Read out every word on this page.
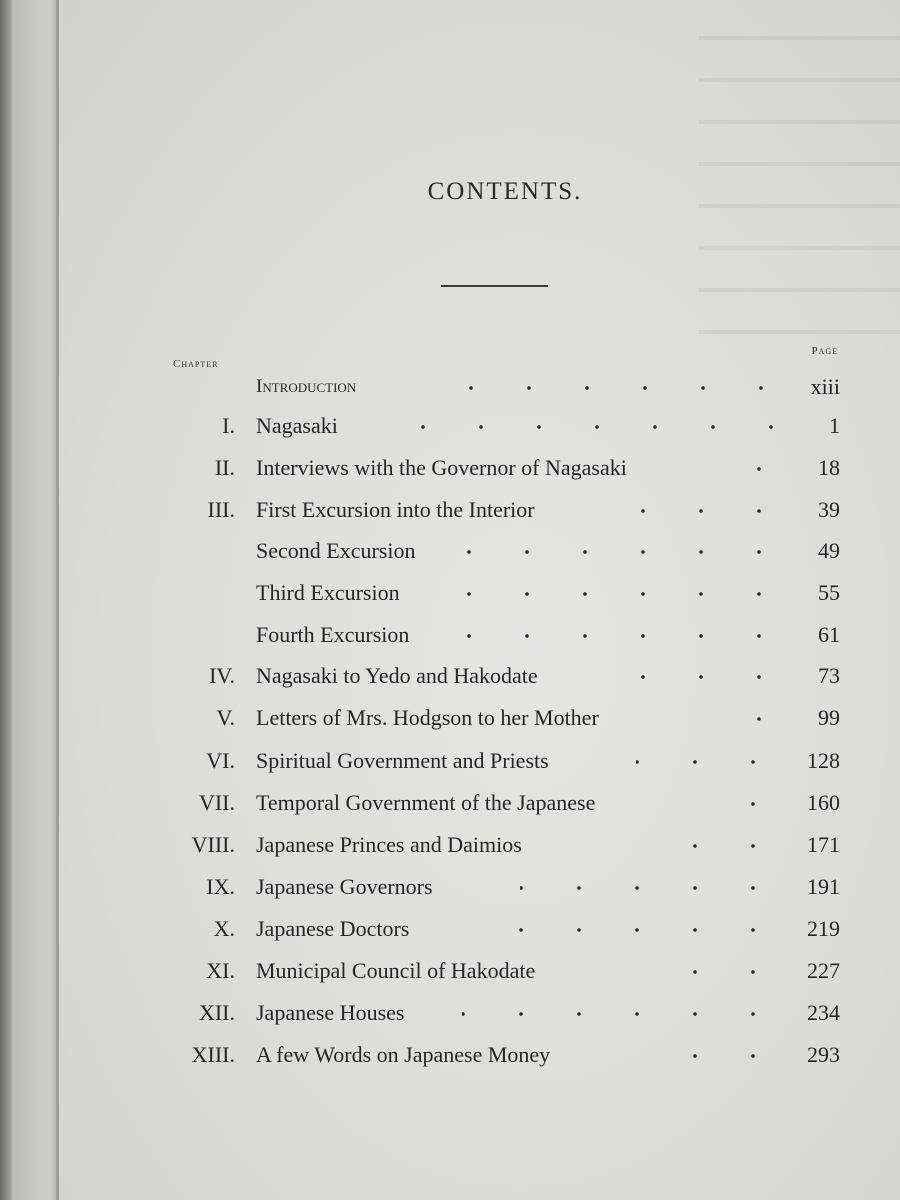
CONTENTS.
Chapter
Page
Introduction	xiii
I. Nagasaki	1
II. Interviews with the Governor of Nagasaki	18
III. First Excursion into the Interior	39
Second Excursion	49
Third Excursion	55
Fourth Excursion	61
IV. Nagasaki to Yedo and Hakodate	73
V. Letters of Mrs. Hodgson to her Mother	99
VI. Spiritual Government and Priests	128
VII. Temporal Government of the Japanese	160
VIII. Japanese Princes and Daimios	171
IX. Japanese Governors	191
X. Japanese Doctors	219
XI. Municipal Council of Hakodate	227
XII. Japanese Houses	234
XIII. A few Words on Japanese Money	293
